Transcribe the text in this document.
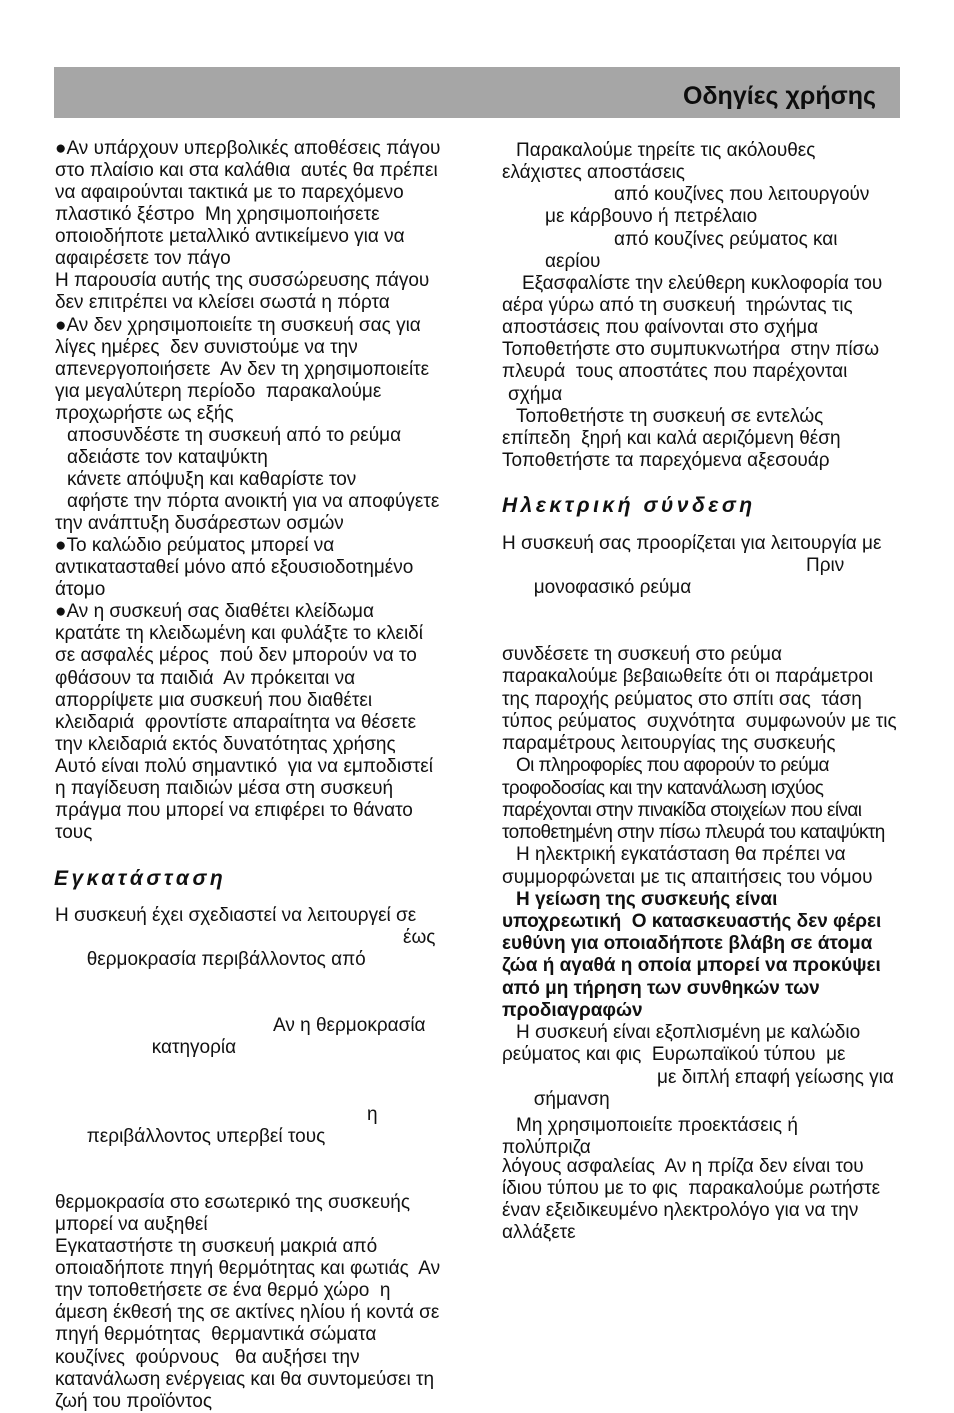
Οδηγίες χρήσης
●Αν υπάρχουν υπερβολικές αποθέσεις πάγου
στο πλαίσιο και στα καλάθια  αυτές θα πρέπει
να αφαιρούνται τακτικά με το παρεχόμενο
πλαστικό ξέστρο  Μη χρησιμοποιήσετε
οποιοδήποτε μεταλλικό αντικείμενο για να
αφαιρέσετε τον πάγο
Η παρουσία αυτής της συσσώρευσης πάγου
δεν επιτρέπει να κλείσει σωστά η πόρτα
●Αν δεν χρησιμοποιείτε τη συσκευή σας για
λίγες ημέρες  δεν συνιστούμε να την
απενεργοποιήσετε  Αν δεν τη χρησιμοποιείτε
για μεγαλύτερη περίοδο  παρακαλούμε
προχωρήστε ως εξής
αποσυνδέστε τη συσκευή από το ρεύμα
αδειάστε τον καταψύκτη
κάνετε απόψυξη και καθαρίστε τον
αφήστε την πόρτα ανοικτή για να αποφύγετε
την ανάπτυξη δυσάρεστων οσμών
●Το καλώδιο ρεύματος μπορεί να
αντικατασταθεί μόνο από εξουσιοδοτημένο
άτομο
●Αν η συσκευή σας διαθέτει κλείδωμα
κρατάτε τη κλειδωμένη και φυλάξτε το κλειδί
σε ασφαλές μέρος  πού δεν μπορούν να το
φθάσουν τα παιδιά  Αν πρόκειται να
απορρίψετε μια συσκευή που διαθέτει
κλειδαριά  φροντίστε απαραίτητα να θέσετε
την κλειδαριά εκτός δυνατότητας χρήσης
Αυτό είναι πολύ σημαντικό  για να εμποδιστεί
η παγίδευση παιδιών μέσα στη συσκευή
πράγμα που μπορεί να επιφέρει το θάνατο
τους
Εγκατάσταση
Η συσκευή έχει σχεδιαστεί να λειτουργεί σε

θερμοκρασία περιβάλλοντος από

έως

κατηγορία

Αν η θερμοκρασία

περιβάλλοντος υπερβεί τους

η

θερμοκρασία στο εσωτερικό της συσκευής
μπορεί να αυξηθεί
Εγκαταστήστε τη συσκευή μακριά από
οποιαδήποτε πηγή θερμότητας και φωτιάς  Αν
την τοποθετήσετε σε ένα θερμό χώρο  η
άμεση έκθεσή της σε ακτίνες ηλίου ή κοντά σε
πηγή θερμότητας  θερμαντικά σώματα
κουζίνες  φούρνους   θα αυξήσει την
κατανάλωση ενέργειας και θα συντομεύσει τη
ζωή του προϊόντος
Παρακαλούμε τηρείτε τις ακόλουθες
ελάχιστες αποστάσεις
από κουζίνες που λειτουργούν
με κάρβουνο ή πετρέλαιο
από κουζίνες ρεύματος και
αερίου
Εξασφαλίστε την ελεύθερη κυκλοφορία του
αέρα γύρω από τη συσκευή  τηρώντας τις
αποστάσεις που φαίνονται στο σχήμα
Τοποθετήστε στο συμπυκνωτήρα  στην πίσω
πλευρά  τους αποστάτες που παρέχονται
σχήμα
Τοποθετήστε τη συσκευή σε εντελώς
επίπεδη  ξηρή και καλά αεριζόμενη θέση
Τοποθετήστε τα παρεχόμενα αξεσουάρ
Ηλεκτρική σύνδεση
Η συσκευή σας προορίζεται για λειτουργία με

μονοφασικό ρεύμα

Πριν

συνδέσετε τη συσκευή στο ρεύμα
παρακαλούμε βεβαιωθείτε ότι οι παράμετροι
της παροχής ρεύματος στο σπίτι σας  τάση
τύπος ρεύματος  συχνότητα  συμφωνούν με τις
παραμέτρους λειτουργίας της συσκευής
Οι πληροφορίες που αφορούν το ρεύμα
τροφοδοσίας και την κατανάλωση ισχύος
παρέχονται στην πινακίδα στοιχείων που είναι
τοποθετημένη στην πίσω πλευρά του καταψύκτη
Η ηλεκτρική εγκατάσταση θα πρέπει να
συμμορφώνεται με τις απαιτήσεις του νόμου
Η γείωση της συσκευής είναι
υποχρεωτική  Ο κατασκευαστής δεν φέρει
ευθύνη για οποιαδήποτε βλάβη σε άτομα
ζώα ή αγαθά η οποία μπορεί να προκύψει
από μη τήρηση των συνθηκών των
προδιαγραφών
Η συσκευή είναι εξοπλισμένη με καλώδιο
ρεύματος και φις  Ευρωπαϊκού τύπου  με

σήμανση

με διπλή επαφή γείωσης για

λόγους ασφαλείας  Αν η πρίζα δεν είναι του
ίδιου τύπου με το φις  παρακαλούμε ρωτήστε
έναν εξειδικευμένο ηλεκτρολόγο για να την
αλλάξετε
Μη χρησιμοποιείτε προεκτάσεις ή
πολύπριζα
